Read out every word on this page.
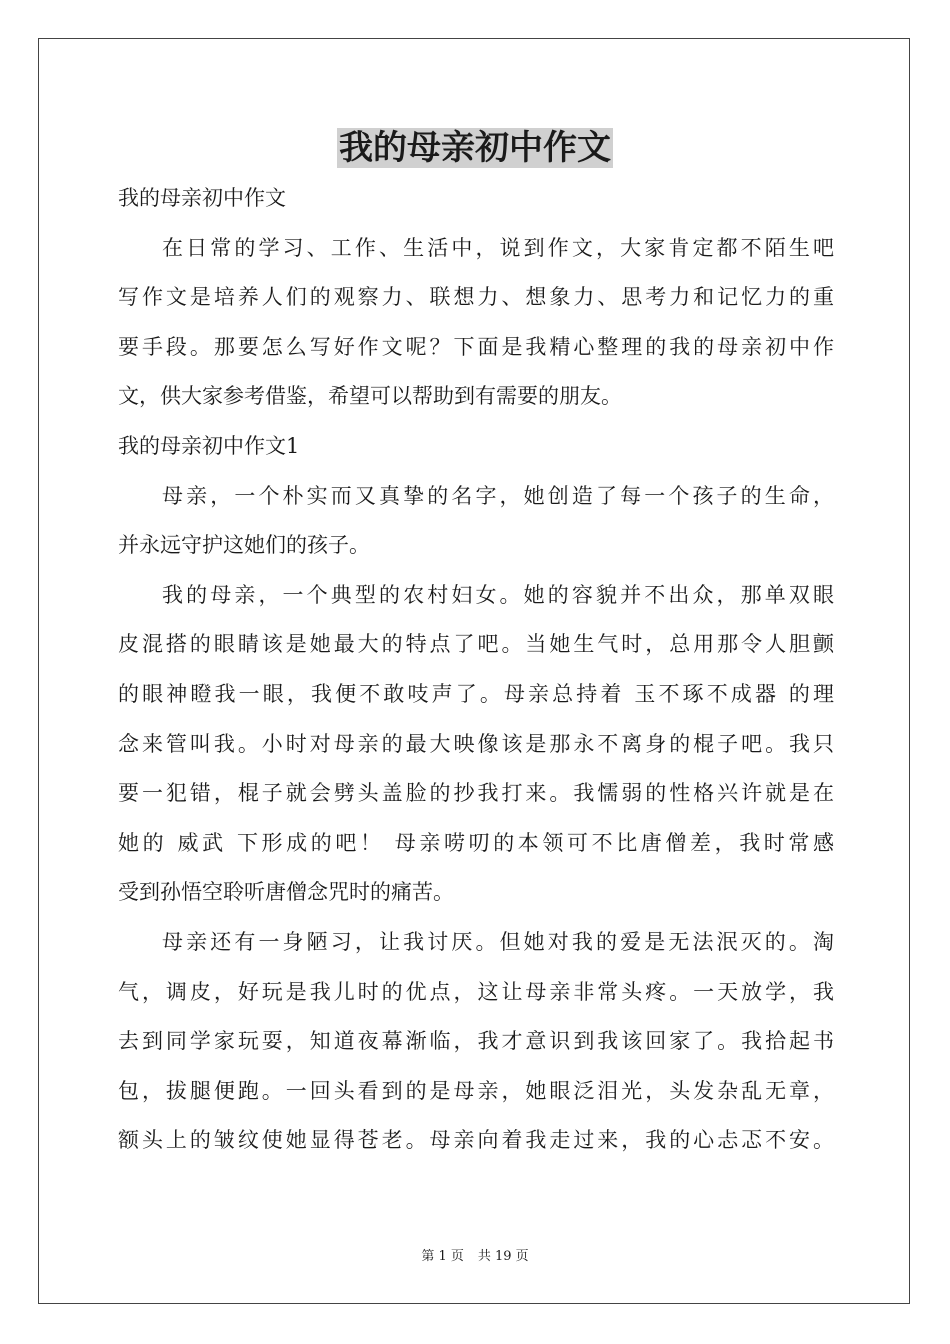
我的母亲初中作文

我的母亲初中作文

在日常的学习、工作、生活中，说到作文，大家肯定都不陌生吧

写作文是培养人们的观察力、联想力、想象力、思考力和记忆力的重

要手段。那要怎么写好作文呢？下面是我精心整理的我的母亲初中作

文，供大家参考借鉴，希望可以帮助到有需要的朋友。

我的母亲初中作文1

母亲，一个朴实而又真挚的名字，她创造了每一个孩子的生命，

并永远守护这她们的孩子。

我的母亲，一个典型的农村妇女。她的容貌并不出众，那单双眼

皮混搭的眼睛该是她最大的特点了吧。当她生气时，总用那令人胆颤

的眼神瞪我一眼，我便不敢吱声了。母亲总持着 玉不琢不成器 的理

念来管叫我。小时对母亲的最大映像该是那永不离身的棍子吧。我只

要一犯错，棍子就会劈头盖脸的抄我打来。我懦弱的性格兴许就是在

她的 威武 下形成的吧！ 母亲唠叨的本领可不比唐僧差，我时常感

受到孙悟空聆听唐僧念咒时的痛苦。

母亲还有一身陋习，让我讨厌。但她对我的爱是无法泯灭的。淘

气，调皮，好玩是我儿时的优点，这让母亲非常头疼。一天放学，我

去到同学家玩耍，知道夜幕渐临，我才意识到我该回家了。我拾起书

包，拔腿便跑。一回头看到的是母亲，她眼泛泪光，头发杂乱无章，

额头上的皱纹使她显得苍老。母亲向着我走过来，我的心忐忑不安。

第 1 页 共 19 页
